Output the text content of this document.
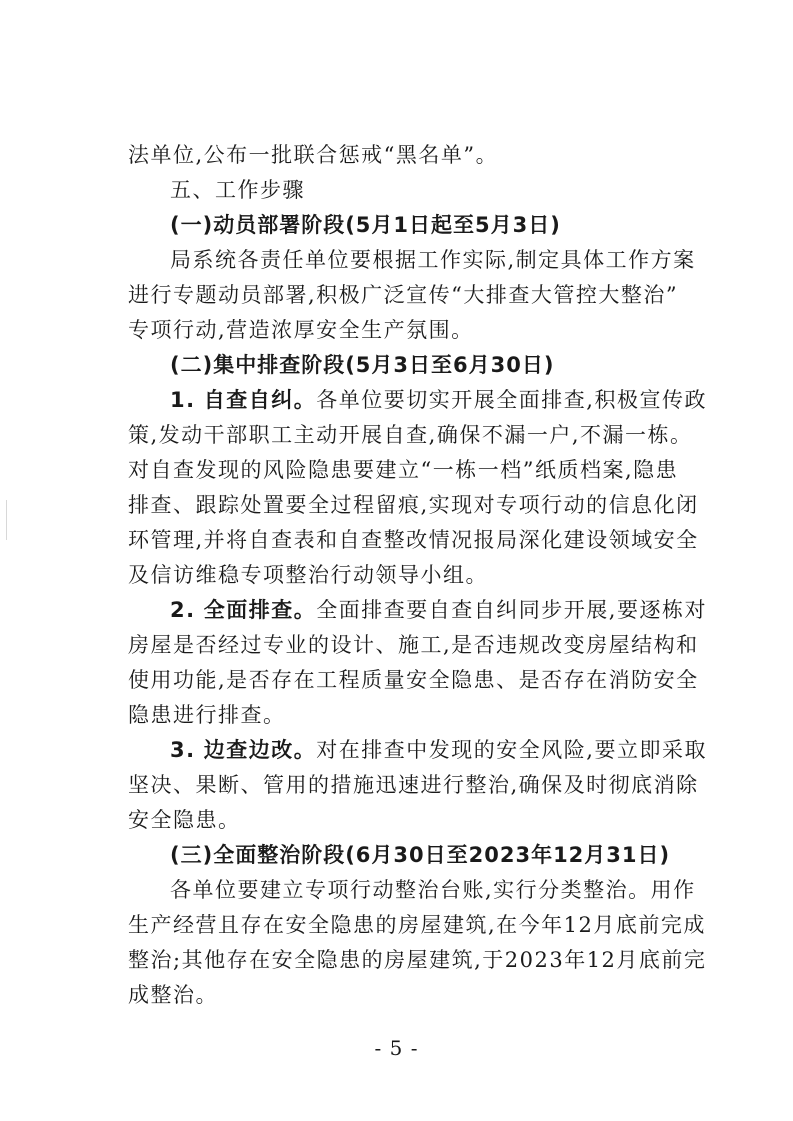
法单位,公布一批联合惩戒“黑名单”。
五、工作步骤
(一)动员部署阶段(5月1日起至5月3日)
局系统各责任单位要根据工作实际,制定具体工作方案
进行专题动员部署,积极广泛宣传“大排查大管控大整治”
专项行动,营造浓厚安全生产氛围。
(二)集中排查阶段(5月3日至6月30日)
1. 自查自纠。各单位要切实开展全面排查,积极宣传政
策,发动干部职工主动开展自查,确保不漏一户,不漏一栋。
对自查发现的风险隐患要建立“一栋一档”纸质档案,隐患
排查、跟踪处置要全过程留痕,实现对专项行动的信息化闭
环管理,并将自查表和自查整改情况报局深化建设领域安全
及信访维稳专项整治行动领导小组。
2. 全面排查。全面排查要自查自纠同步开展,要逐栋对
房屋是否经过专业的设计、施工,是否违规改变房屋结构和
使用功能,是否存在工程质量安全隐患、是否存在消防安全
隐患进行排查。
3. 边查边改。对在排查中发现的安全风险,要立即采取
坚决、果断、管用的措施迅速进行整治,确保及时彻底消除
安全隐患。
(三)全面整治阶段(6月30日至2023年12月31日)
各单位要建立专项行动整治台账,实行分类整治。用作
生产经营且存在安全隐患的房屋建筑,在今年12月底前完成
整治;其他存在安全隐患的房屋建筑,于2023年12月底前完
成整治。
- 5 -
